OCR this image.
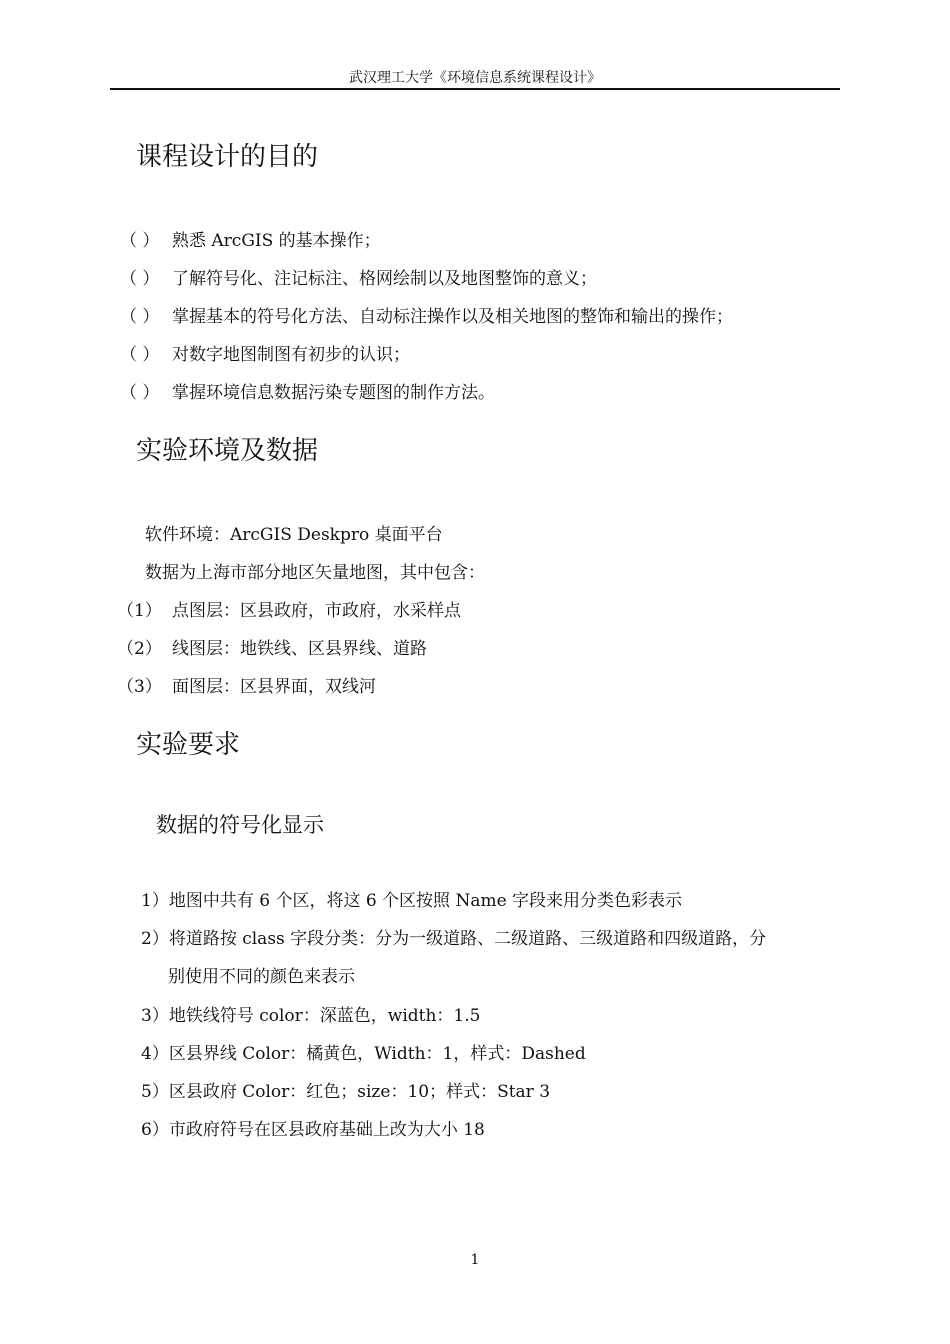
武汉理工大学《环境信息系统课程设计》
课程设计的目的
（ ） 熟悉 ArcGIS 的基本操作；
（ ） 了解符号化、注记标注、格网绘制以及地图整饰的意义；
（ ） 掌握基本的符号化方法、自动标注操作以及相关地图的整饰和输出的操作；
（ ） 对数字地图制图有初步的认识；
（ ） 掌握环境信息数据污染专题图的制作方法。
实验环境及数据
软件环境：ArcGIS Deskpro 桌面平台
数据为上海市部分地区矢量地图，其中包含：
（1） 点图层：区县政府，市政府，水采样点
（2） 线图层：地铁线、区县界线、道路
（3） 面图层：区县界面，双线河
实验要求
数据的符号化显示
1）地图中共有 6 个区，将这 6 个区按照 Name 字段来用分类色彩表示
2）将道路按 class 字段分类：分为一级道路、二级道路、三级道路和四级道路，分
别使用不同的颜色来表示
3）地铁线符号 color：深蓝色，width：1.5
4）区县界线 Color：橘黄色，Width：1，样式：Dashed
5）区县政府 Color：红色；size：10；样式：Star 3
6）市政府符号在区县政府基础上改为大小 18
1
